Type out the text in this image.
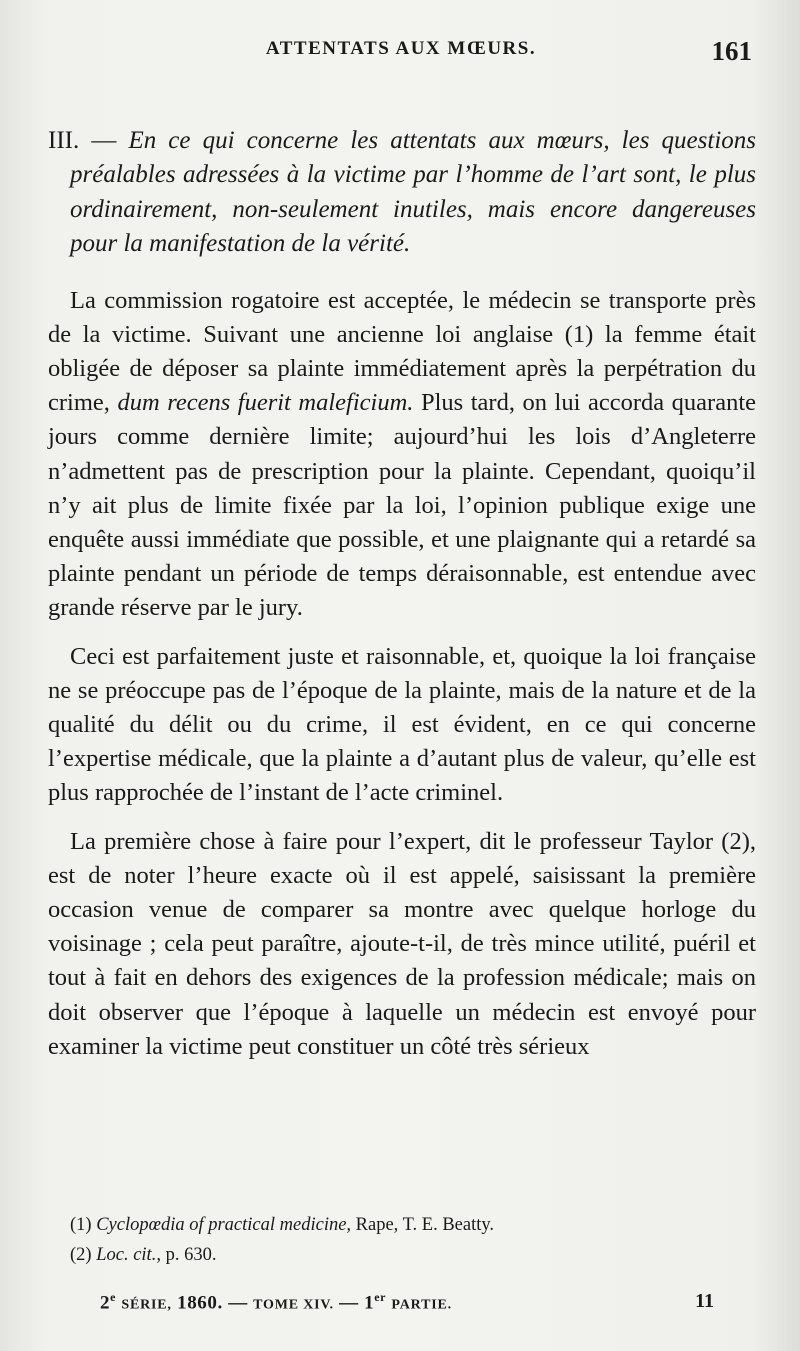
ATTENTATS AUX MŒURS.	161

III. — En ce qui concerne les attentats aux mœurs, les questions préalables adressées à la victime par l’homme de l’art sont, le plus ordinairement, non-seulement inutiles, mais encore dangereuses pour la manifestation de la vérité.

La commission rogatoire est acceptée, le médecin se transporte près de la victime. Suivant une ancienne loi anglaise (1) la femme était obligée de déposer sa plainte immédiatement après la perpétration du crime, dum recens fuerit maleficium. Plus tard, on lui accorda quarante jours comme dernière limite; aujourd’hui les lois d’Angleterre n’admettent pas de prescription pour la plainte. Cependant, quoiqu’il n’y ait plus de limite fixée par la loi, l’opinion publique exige une enquête aussi immédiate que possible, et une plaignante qui a retardé sa plainte pendant un période de temps déraisonnable, est entendue avec grande réserve par le jury.

Ceci est parfaitement juste et raisonnable, et, quoique la loi française ne se préoccupe pas de l’époque de la plainte, mais de la nature et de la qualité du délit ou du crime, il est évident, en ce qui concerne l’expertise médicale, que la plainte a d’autant plus de valeur, qu’elle est plus rapprochée de l’instant de l’acte criminel.

La première chose à faire pour l’expert, dit le professeur Taylor (2), est de noter l’heure exacte où il est appelé, saisissant la première occasion venue de comparer sa montre avec quelque horloge du voisinage ; cela peut paraître, ajoute-t-il, de très mince utilité, puéril et tout à fait en dehors des exigences de la profession médicale; mais on doit observer que l’époque à laquelle un médecin est envoyé pour examiner la victime peut constituer un côté très sérieux

(1) Cyclopœdia of practical medicine, Rape, T. E. Beatty.

(2) Loc. cit., p. 630.

2e SÉRIE, 1860. — TOME XIV. — 1er PARTIE.	11
